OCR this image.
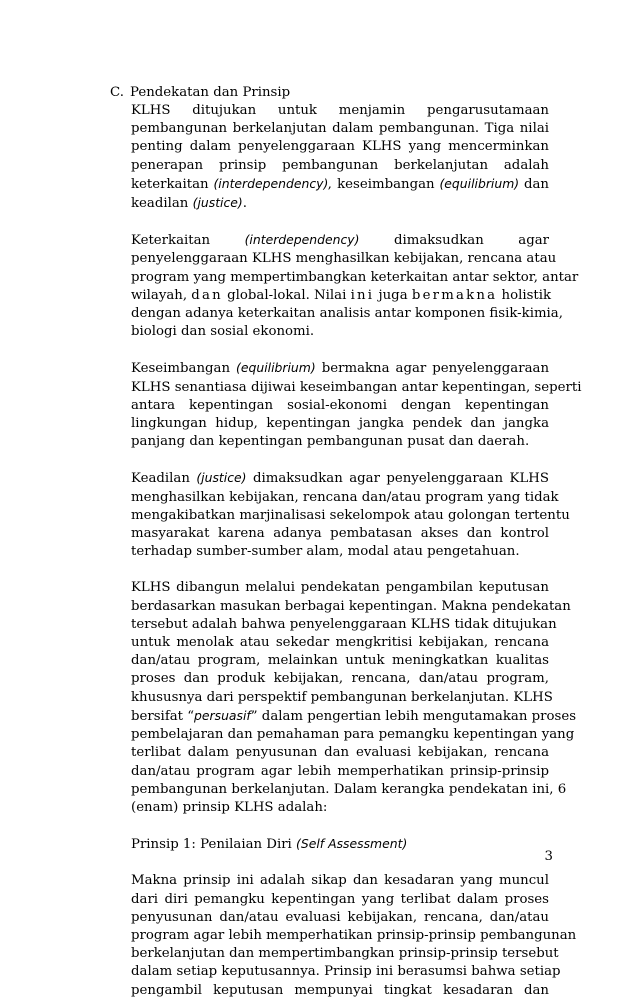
C. Pendekatan dan Prinsip
KLHS ditujukan untuk menjamin pengarusutamaan
pembangunan berkelanjutan dalam pembangunan. Tiga nilai
penting dalam penyelenggaraan KLHS yang mencerminkan
penerapan prinsip pembangunan berkelanjutan adalah
keterkaitan (interdependency), keseimbangan (equilibrium) dan
keadilan (justice).
Keterkaitan	(interdependency)	dimaksudkan	agar
penyelenggaraan KLHS menghasilkan kebijakan, rencana atau
program yang mempertimbangkan keterkaitan antar sektor, antar
wilayah, dan global-lokal. Nilai ini juga bermakna holistik
dengan adanya keterkaitan analisis antar komponen fisik-kimia,
biologi dan sosial ekonomi.
Keseimbangan (equilibrium) bermakna agar penyelenggaraan
KLHS senantiasa dijiwai keseimbangan antar kepentingan, seperti
antara kepentingan sosial-ekonomi dengan kepentingan
lingkungan hidup, kepentingan jangka pendek dan jangka
panjang dan kepentingan pembangunan pusat dan daerah.
Keadilan (justice) dimaksudkan agar penyelenggaraan KLHS
menghasilkan kebijakan, rencana dan/atau program yang tidak
mengakibatkan marjinalisasi sekelompok atau golongan tertentu
masyarakat karena adanya pembatasan akses dan kontrol
terhadap sumber-sumber alam, modal atau pengetahuan.
KLHS dibangun melalui pendekatan pengambilan keputusan
berdasarkan masukan berbagai kepentingan. Makna pendekatan
tersebut adalah bahwa penyelenggaraan KLHS tidak ditujukan
untuk menolak atau sekedar mengkritisi kebijakan, rencana
dan/atau program, melainkan untuk meningkatkan kualitas
proses dan produk kebijakan, rencana, dan/atau program,
khususnya dari perspektif pembangunan berkelanjutan. KLHS
bersifat “persuasif” dalam pengertian lebih mengutamakan proses
pembelajaran dan pemahaman para pemangku kepentingan yang
terlibat dalam penyusunan dan evaluasi kebijakan, rencana
dan/atau program agar lebih memperhatikan prinsip-prinsip
pembangunan berkelanjutan. Dalam kerangka pendekatan ini, 6
(enam) prinsip KLHS adalah:
Prinsip 1: Penilaian Diri (Self Assessment)
Makna prinsip ini adalah sikap dan kesadaran yang muncul
dari diri pemangku kepentingan yang terlibat dalam proses
penyusunan dan/atau evaluasi kebijakan, rencana, dan/atau
program agar lebih memperhatikan prinsip-prinsip pembangunan
berkelanjutan dan mempertimbangkan prinsip-prinsip tersebut
dalam setiap keputusannya. Prinsip ini berasumsi bahwa setiap
pengambil keputusan mempunyai tingkat kesadaran dan
3
